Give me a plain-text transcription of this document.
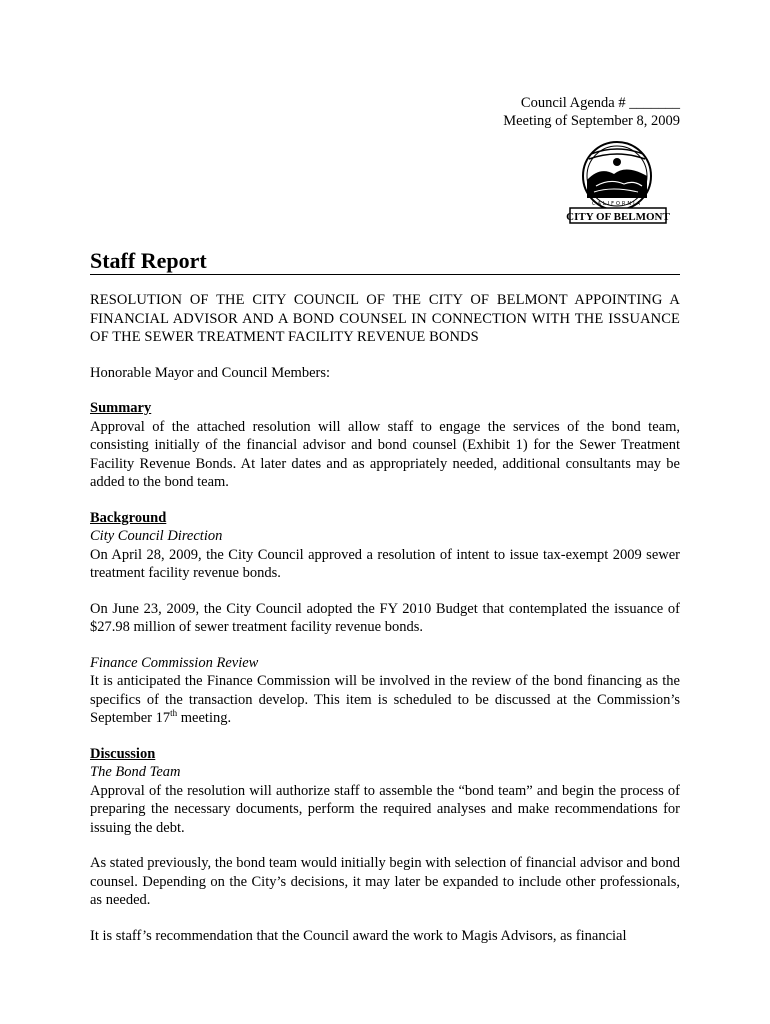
Council Agenda # _______
Meeting of September 8, 2009
CALIFORNIA
CITY OF BELMONT
Staff Report

RESOLUTION OF THE CITY COUNCIL OF THE CITY OF BELMONT APPOINTING A FINANCIAL ADVISOR AND A BOND COUNSEL IN CONNECTION WITH THE ISSUANCE OF THE SEWER TREATMENT FACILITY REVENUE BONDS

Honorable Mayor and Council Members:

Summary

Approval of the attached resolution will allow staff to engage the services of the bond team, consisting initially of the financial advisor and bond counsel (Exhibit 1) for the Sewer Treatment Facility Revenue Bonds. At later dates and as appropriately needed, additional consultants may be added to the bond team.

Background
City Council Direction

On April 28, 2009, the City Council approved a resolution of intent to issue tax-exempt 2009 sewer treatment facility revenue bonds.

On June 23, 2009, the City Council adopted the FY 2010 Budget that contemplated the issuance of $27.98 million of sewer treatment facility revenue bonds.

Finance Commission Review

It is anticipated the Finance Commission will be involved in the review of the bond financing as the specifics of the transaction develop. This item is scheduled to be discussed at the Commission’s September 17th meeting.

Discussion
The Bond Team

Approval of the resolution will authorize staff to assemble the “bond team” and begin the process of preparing the necessary documents, perform the required analyses and make recommendations for issuing the debt.

As stated previously, the bond team would initially begin with selection of financial advisor and bond counsel. Depending on the City’s decisions, it may later be expanded to include other professionals, as needed.

It is staff’s recommendation that the Council award the work to Magis Advisors, as financial
